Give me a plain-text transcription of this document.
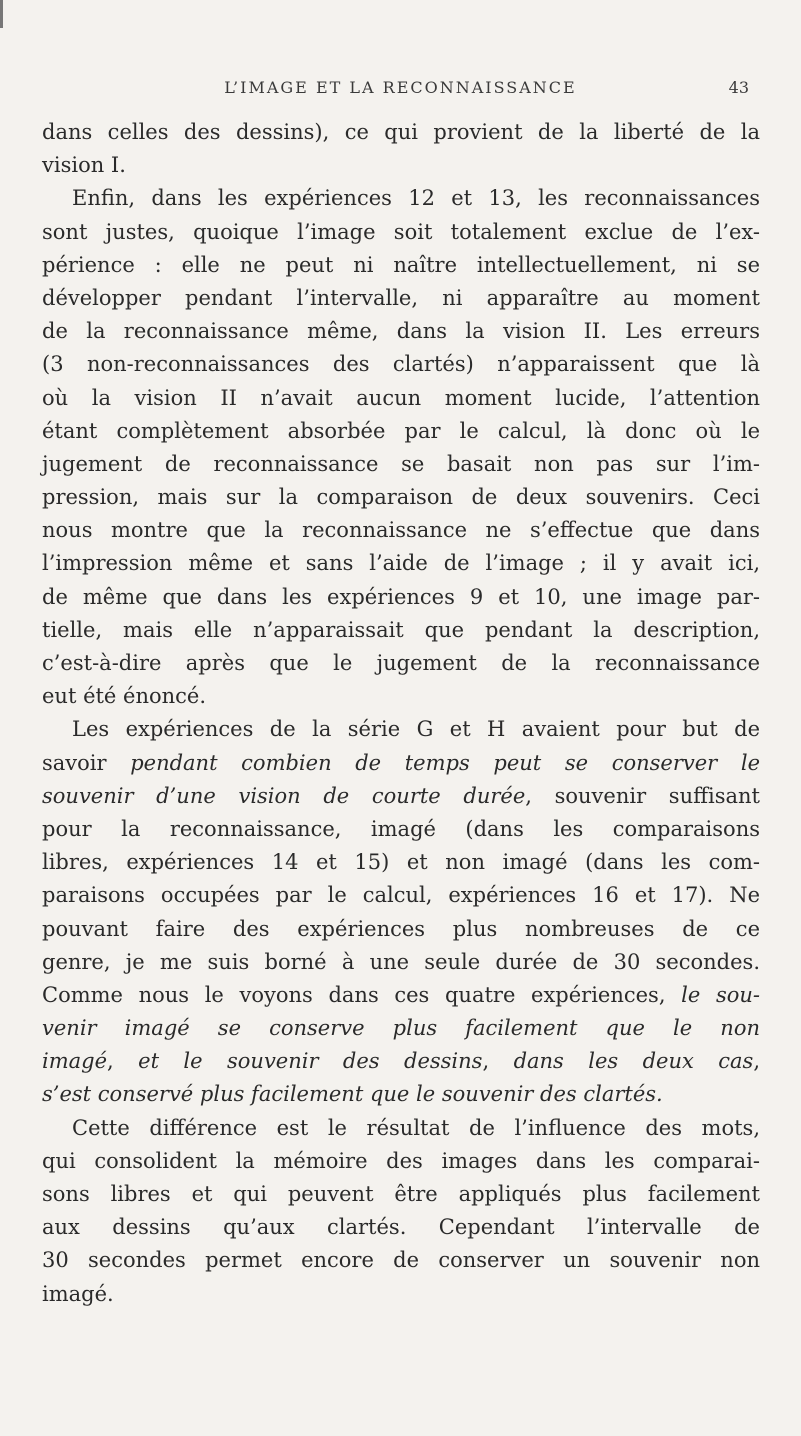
L’IMAGE ET LA RECONNAISSANCE	43
dans celles des dessins), ce qui provient de la liberté de la
vision I.
Enfin, dans les expériences 12 et 13, les reconnaissances
sont justes, quoique l’image soit totalement exclue de l’ex-
périence : elle ne peut ni naître intellectuellement, ni se
développer pendant l’intervalle, ni apparaître au moment
de la reconnaissance même, dans la vision II. Les erreurs
(3 non-reconnaissances des clartés) n’apparaissent que là
où la vision II n’avait aucun moment lucide, l’attention
étant complètement absorbée par le calcul, là donc où le
jugement de reconnaissance se basait non pas sur l’im-
pression, mais sur la comparaison de deux souvenirs. Ceci
nous montre que la reconnaissance ne s’effectue que dans
l’impression même et sans l’aide de l’image ; il y avait ici,
de même que dans les expériences 9 et 10, une image par-
tielle, mais elle n’apparaissait que pendant la description,
c’est-à-dire après que le jugement de la reconnaissance
eut été énoncé.
Les expériences de la série G et H avaient pour but de
savoir pendant combien de temps peut se conserver le
souvenir d’une vision de courte durée, souvenir suffisant
pour la reconnaissance, imagé (dans les comparaisons
libres, expériences 14 et 15) et non imagé (dans les com-
paraisons occupées par le calcul, expériences 16 et 17). Ne
pouvant faire des expériences plus nombreuses de ce
genre, je me suis borné à une seule durée de 30 secondes.
Comme nous le voyons dans ces quatre expériences, le sou-
venir imagé se conserve plus facilement que le non
imagé, et le souvenir des dessins, dans les deux cas,
s’est conservé plus facilement que le souvenir des clartés.
Cette différence est le résultat de l’influence des mots,
qui consolident la mémoire des images dans les comparai-
sons libres et qui peuvent être appliqués plus facilement
aux dessins qu’aux clartés. Cependant l’intervalle de
30 secondes permet encore de conserver un souvenir non
imagé.
